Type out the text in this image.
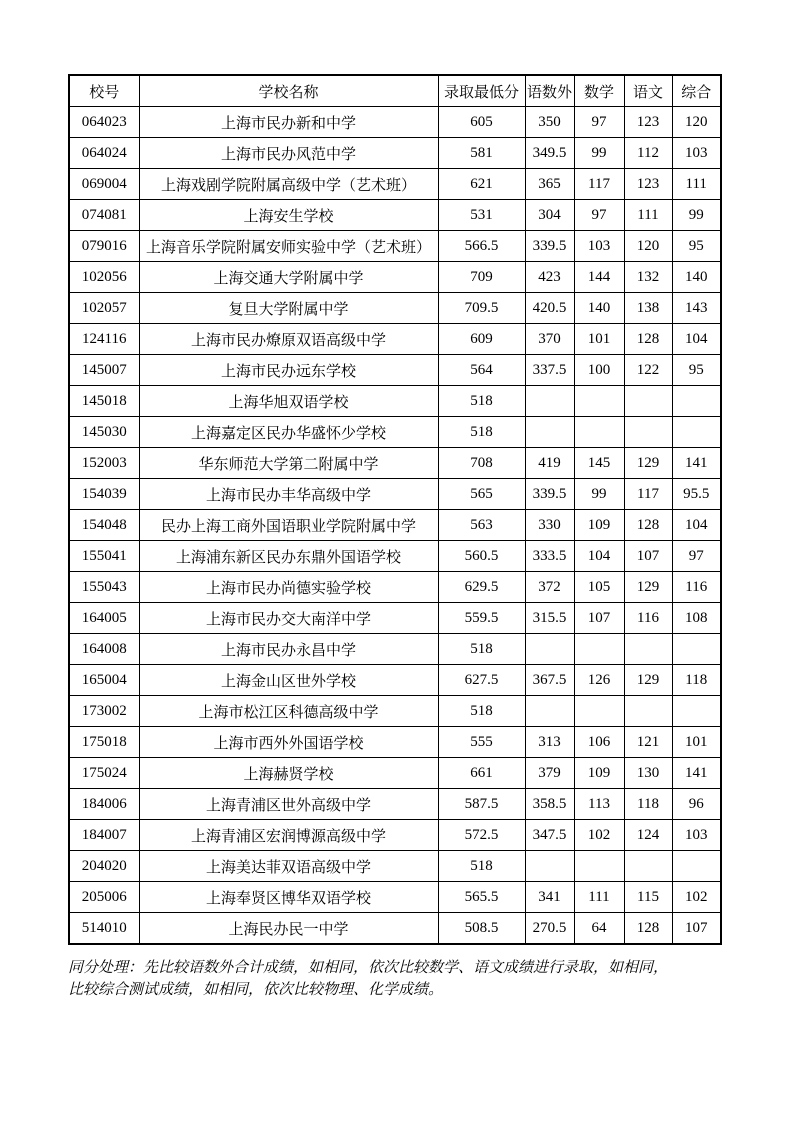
校号	学校名称	录取最低分	语数外	数学	语文	综合
064023	上海市民办新和中学	605	350	97	123	120
064024	上海市民办风范中学	581	349.5	99	112	103
069004	上海戏剧学院附属高级中学（艺术班）	621	365	117	123	111
074081	上海安生学校	531	304	97	111	99
079016	上海音乐学院附属安师实验中学（艺术班）	566.5	339.5	103	120	95
102056	上海交通大学附属中学	709	423	144	132	140
102057	复旦大学附属中学	709.5	420.5	140	138	143
124116	上海市民办燎原双语高级中学	609	370	101	128	104
145007	上海市民办远东学校	564	337.5	100	122	95
145018	上海华旭双语学校	518				
145030	上海嘉定区民办华盛怀少学校	518				
152003	华东师范大学第二附属中学	708	419	145	129	141
154039	上海市民办丰华高级中学	565	339.5	99	117	95.5
154048	民办上海工商外国语职业学院附属中学	563	330	109	128	104
155041	上海浦东新区民办东鼎外国语学校	560.5	333.5	104	107	97
155043	上海市民办尚德实验学校	629.5	372	105	129	116
164005	上海市民办交大南洋中学	559.5	315.5	107	116	108
164008	上海市民办永昌中学	518				
165004	上海金山区世外学校	627.5	367.5	126	129	118
173002	上海市松江区科德高级中学	518				
175018	上海市西外外国语学校	555	313	106	121	101
175024	上海赫贤学校	661	379	109	130	141
184006	上海青浦区世外高级中学	587.5	358.5	113	118	96
184007	上海青浦区宏润博源高级中学	572.5	347.5	102	124	103
204020	上海美达菲双语高级中学	518				
205006	上海奉贤区博华双语学校	565.5	341	111	115	102
514010	上海民办民一中学	508.5	270.5	64	128	107
同分处理：先比较语数外合计成绩，如相同，依次比较数学、语文成绩进行录取，如相同，
比较综合测试成绩，如相同，依次比较物理、化学成绩。
